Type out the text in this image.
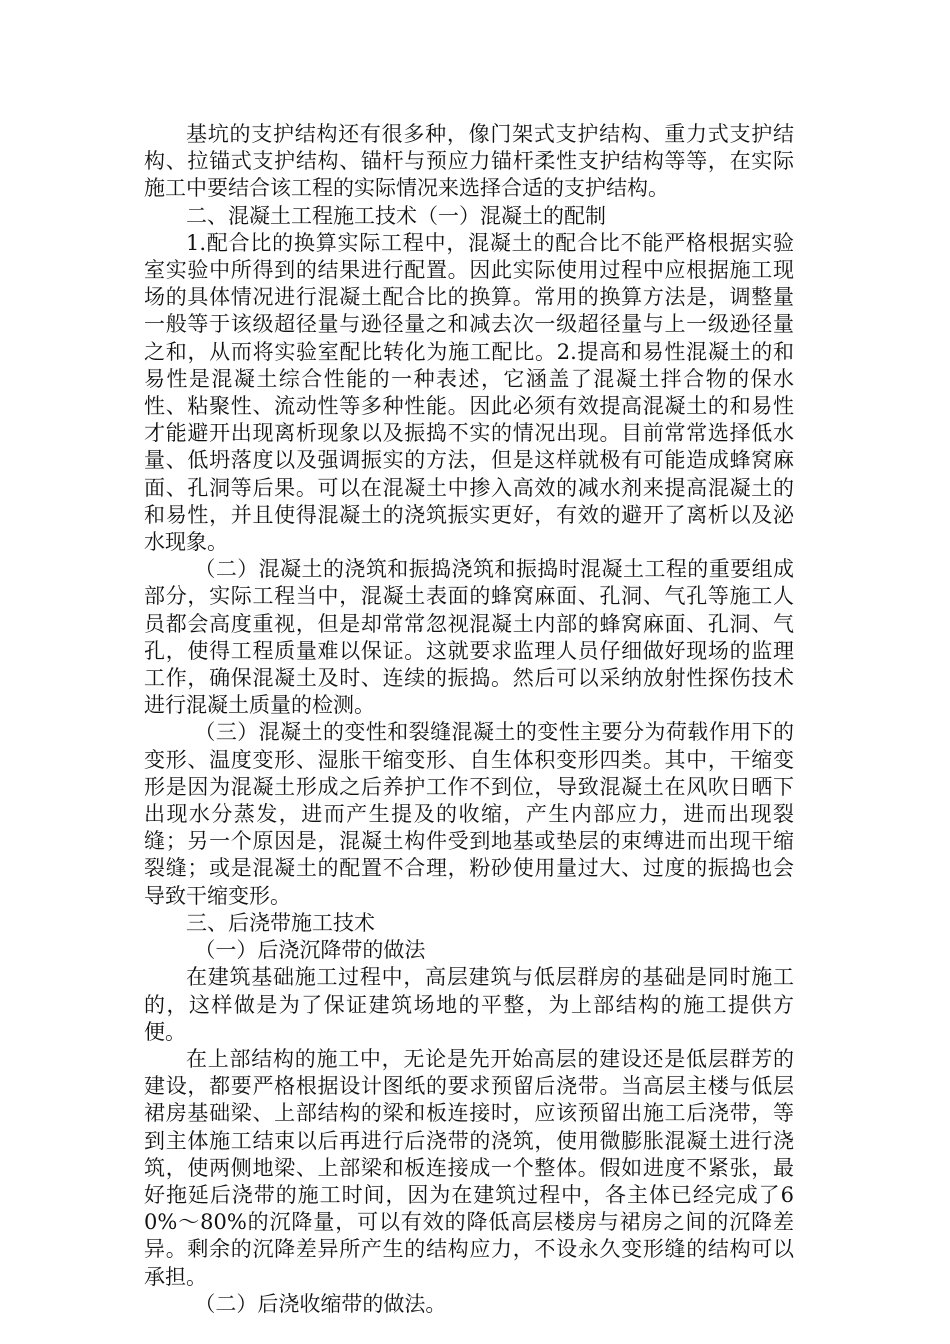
基坑的支护结构还有很多种，像门架式支护结构、重力式支护结构、拉锚式支护结构、锚杆与预应力锚杆柔性支护结构等等，在实际施工中要结合该工程的实际情况来选择合适的支护结构。

二、混凝土工程施工技术（一）混凝土的配制

1.配合比的换算实际工程中，混凝土的配合比不能严格根据实验室实验中所得到的结果进行配置。因此实际使用过程中应根据施工现场的具体情况进行混凝土配合比的换算。常用的换算方法是，调整量一般等于该级超径量与逊径量之和减去次一级超径量与上一级逊径量之和，从而将实验室配比转化为施工配比。2.提高和易性混凝土的和易性是混凝土综合性能的一种表述，它涵盖了混凝土拌合物的保水性、粘聚性、流动性等多种性能。因此必须有效提高混凝土的和易性才能避开出现离析现象以及振捣不实的情况出现。目前常常选择低水量、低坍落度以及强调振实的方法，但是这样就极有可能造成蜂窝麻面、孔洞等后果。可以在混凝土中掺入高效的减水剂来提高混凝土的和易性，并且使得混凝土的浇筑振实更好，有效的避开了离析以及泌水现象。

（二）混凝土的浇筑和振捣浇筑和振捣时混凝土工程的重要组成部分，实际工程当中，混凝土表面的蜂窝麻面、孔洞、气孔等施工人员都会高度重视，但是却常常忽视混凝土内部的蜂窝麻面、孔洞、气孔，使得工程质量难以保证。这就要求监理人员仔细做好现场的监理工作，确保混凝土及时、连续的振捣。然后可以采纳放射性探伤技术进行混凝土质量的检测。

（三）混凝土的变性和裂缝混凝土的变性主要分为荷载作用下的变形、温度变形、湿胀干缩变形、自生体积变形四类。其中，干缩变形是因为混凝土形成之后养护工作不到位，导致混凝土在风吹日晒下出现水分蒸发，进而产生提及的收缩，产生内部应力，进而出现裂缝；另一个原因是，混凝土构件受到地基或垫层的束缚进而出现干缩裂缝；或是混凝土的配置不合理，粉砂使用量过大、过度的振捣也会导致干缩变形。

三、后浇带施工技术

（一）后浇沉降带的做法

在建筑基础施工过程中，高层建筑与低层群房的基础是同时施工的，这样做是为了保证建筑场地的平整，为上部结构的施工提供方便。

在上部结构的施工中，无论是先开始高层的建设还是低层群芳的建设，都要严格根据设计图纸的要求预留后浇带。当高层主楼与低层裙房基础梁、上部结构的梁和板连接时，应该预留出施工后浇带，等到主体施工结束以后再进行后浇带的浇筑，使用微膨胀混凝土进行浇筑，使两侧地梁、上部梁和板连接成一个整体。假如进度不紧张，最好拖延后浇带的施工时间，因为在建筑过程中，各主体已经完成了60%～80%的沉降量，可以有效的降低高层楼房与裙房之间的沉降差异。剩余的沉降差异所产生的结构应力，不设永久变形缝的结构可以承担。

（二）后浇收缩带的做法。
